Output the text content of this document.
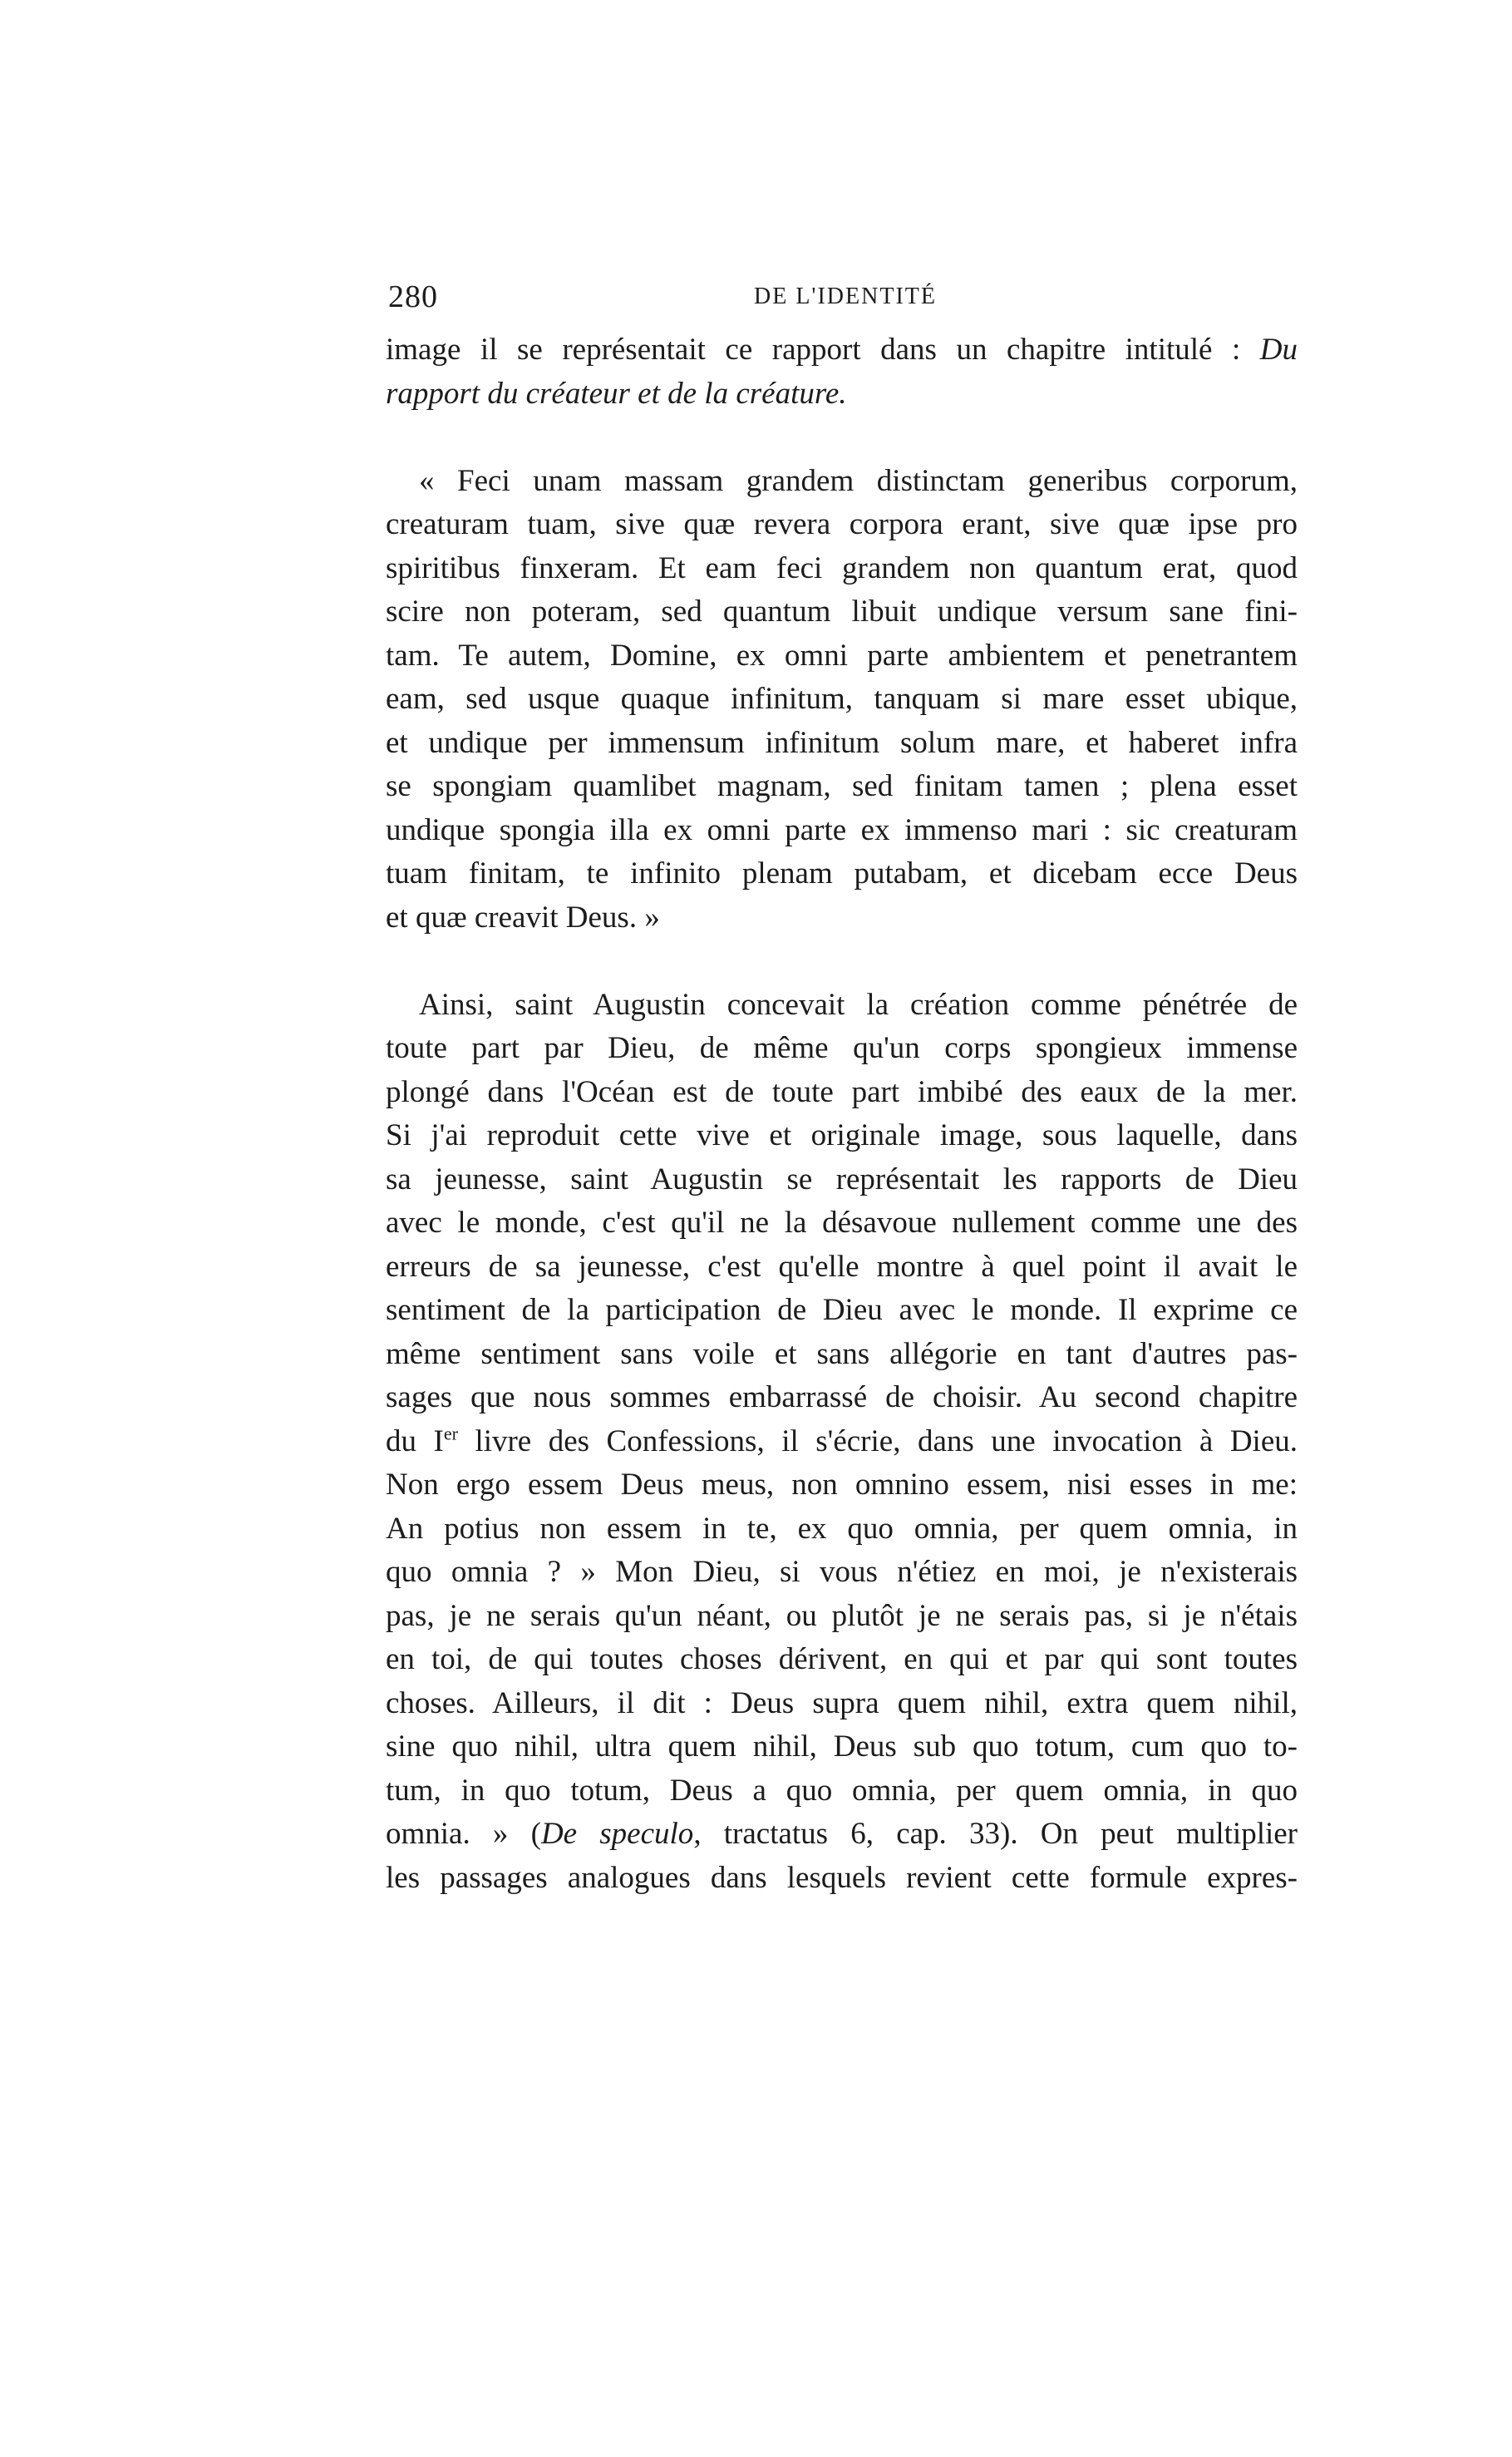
280	DE L'IDENTITÉ
image il se représentait ce rapport dans un chapitre intitulé : Du
rapport du créateur et de la créature.
« Feci unam massam grandem distinctam generibus corporum,
creaturam tuam, sive quæ revera corpora erant, sive quæ ipse pro
spiritibus finxeram. Et eam feci grandem non quantum erat, quod
scire non poteram, sed quantum libuit undique versum sane fini-
tam. Te autem, Domine, ex omni parte ambientem et penetrantem
eam, sed usque quaque infinitum, tanquam si mare esset ubique,
et undique per immensum infinitum solum mare, et haberet infra
se spongiam quamlibet magnam, sed finitam tamen ; plena esset
undique spongia illa ex omni parte ex immenso mari : sic creaturam
tuam finitam, te infinito plenam putabam, et dicebam ecce Deus
et quæ creavit Deus. »
Ainsi, saint Augustin concevait la création comme pénétrée de
toute part par Dieu, de même qu'un corps spongieux immense
plongé dans l'Océan est de toute part imbibé des eaux de la mer.
Si j'ai reproduit cette vive et originale image, sous laquelle, dans
sa jeunesse, saint Augustin se représentait les rapports de Dieu
avec le monde, c'est qu'il ne la désavoue nullement comme une des
erreurs de sa jeunesse, c'est qu'elle montre à quel point il avait le
sentiment de la participation de Dieu avec le monde. Il exprime ce
même sentiment sans voile et sans allégorie en tant d'autres pas-
sages que nous sommes embarrassé de choisir. Au second chapitre
du Ier livre des Confessions, il s'écrie, dans une invocation à Dieu.
Non ergo essem Deus meus, non omnino essem, nisi esses in me:
An potius non essem in te, ex quo omnia, per quem omnia, in
quo omnia ? » Mon Dieu, si vous n'étiez en moi, je n'existerais
pas, je ne serais qu'un néant, ou plutôt je ne serais pas, si je n'étais
en toi, de qui toutes choses dérivent, en qui et par qui sont toutes
choses. Ailleurs, il dit : Deus supra quem nihil, extra quem nihil,
sine quo nihil, ultra quem nihil, Deus sub quo totum, cum quo to-
tum, in quo totum, Deus a quo omnia, per quem omnia, in quo
omnia. » (De speculo, tractatus 6, cap. 33). On peut multiplier
les passages analogues dans lesquels revient cette formule expres-
